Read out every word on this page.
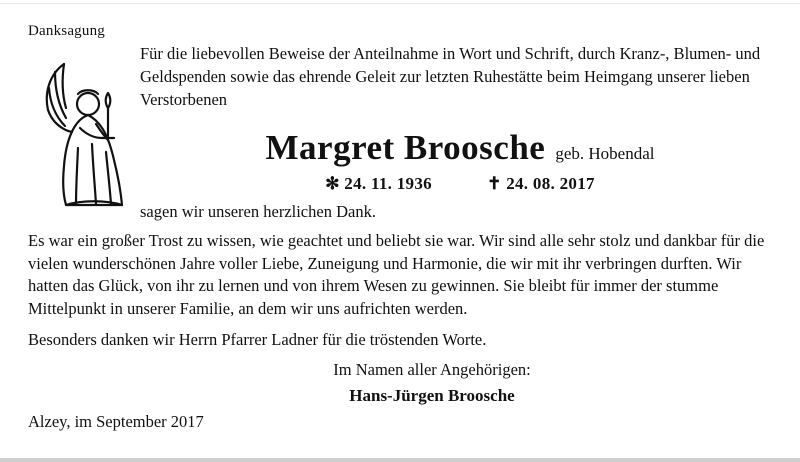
Danksagung
Für die liebevollen Beweise der Anteilnahme in Wort und Schrift, durch Kranz-, Blumen- und Geldspenden sowie das ehrende Geleit zur letzten Ruhestätte beim Heimgang unserer lieben Verstorbenen
Margret Broosche geb. Hobendal
✻ 24. 11. 1936	✝ 24. 08. 2017
sagen wir unseren herzlichen Dank.

Es war ein großer Trost zu wissen, wie geachtet und beliebt sie war. Wir sind alle sehr stolz und dankbar für die vielen wunderschönen Jahre voller Liebe, Zuneigung und Harmonie, die wir mit ihr verbringen durften. Wir hatten das Glück, von ihr zu lernen und von ihrem Wesen zu gewinnen. Sie bleibt für immer der stumme Mittelpunkt in unserer Familie, an dem wir uns aufrichten werden.

Besonders danken wir Herrn Pfarrer Ladner für die tröstenden Worte.

Im Namen aller Angehörigen:
Hans-Jürgen Broosche
Alzey, im September 2017
